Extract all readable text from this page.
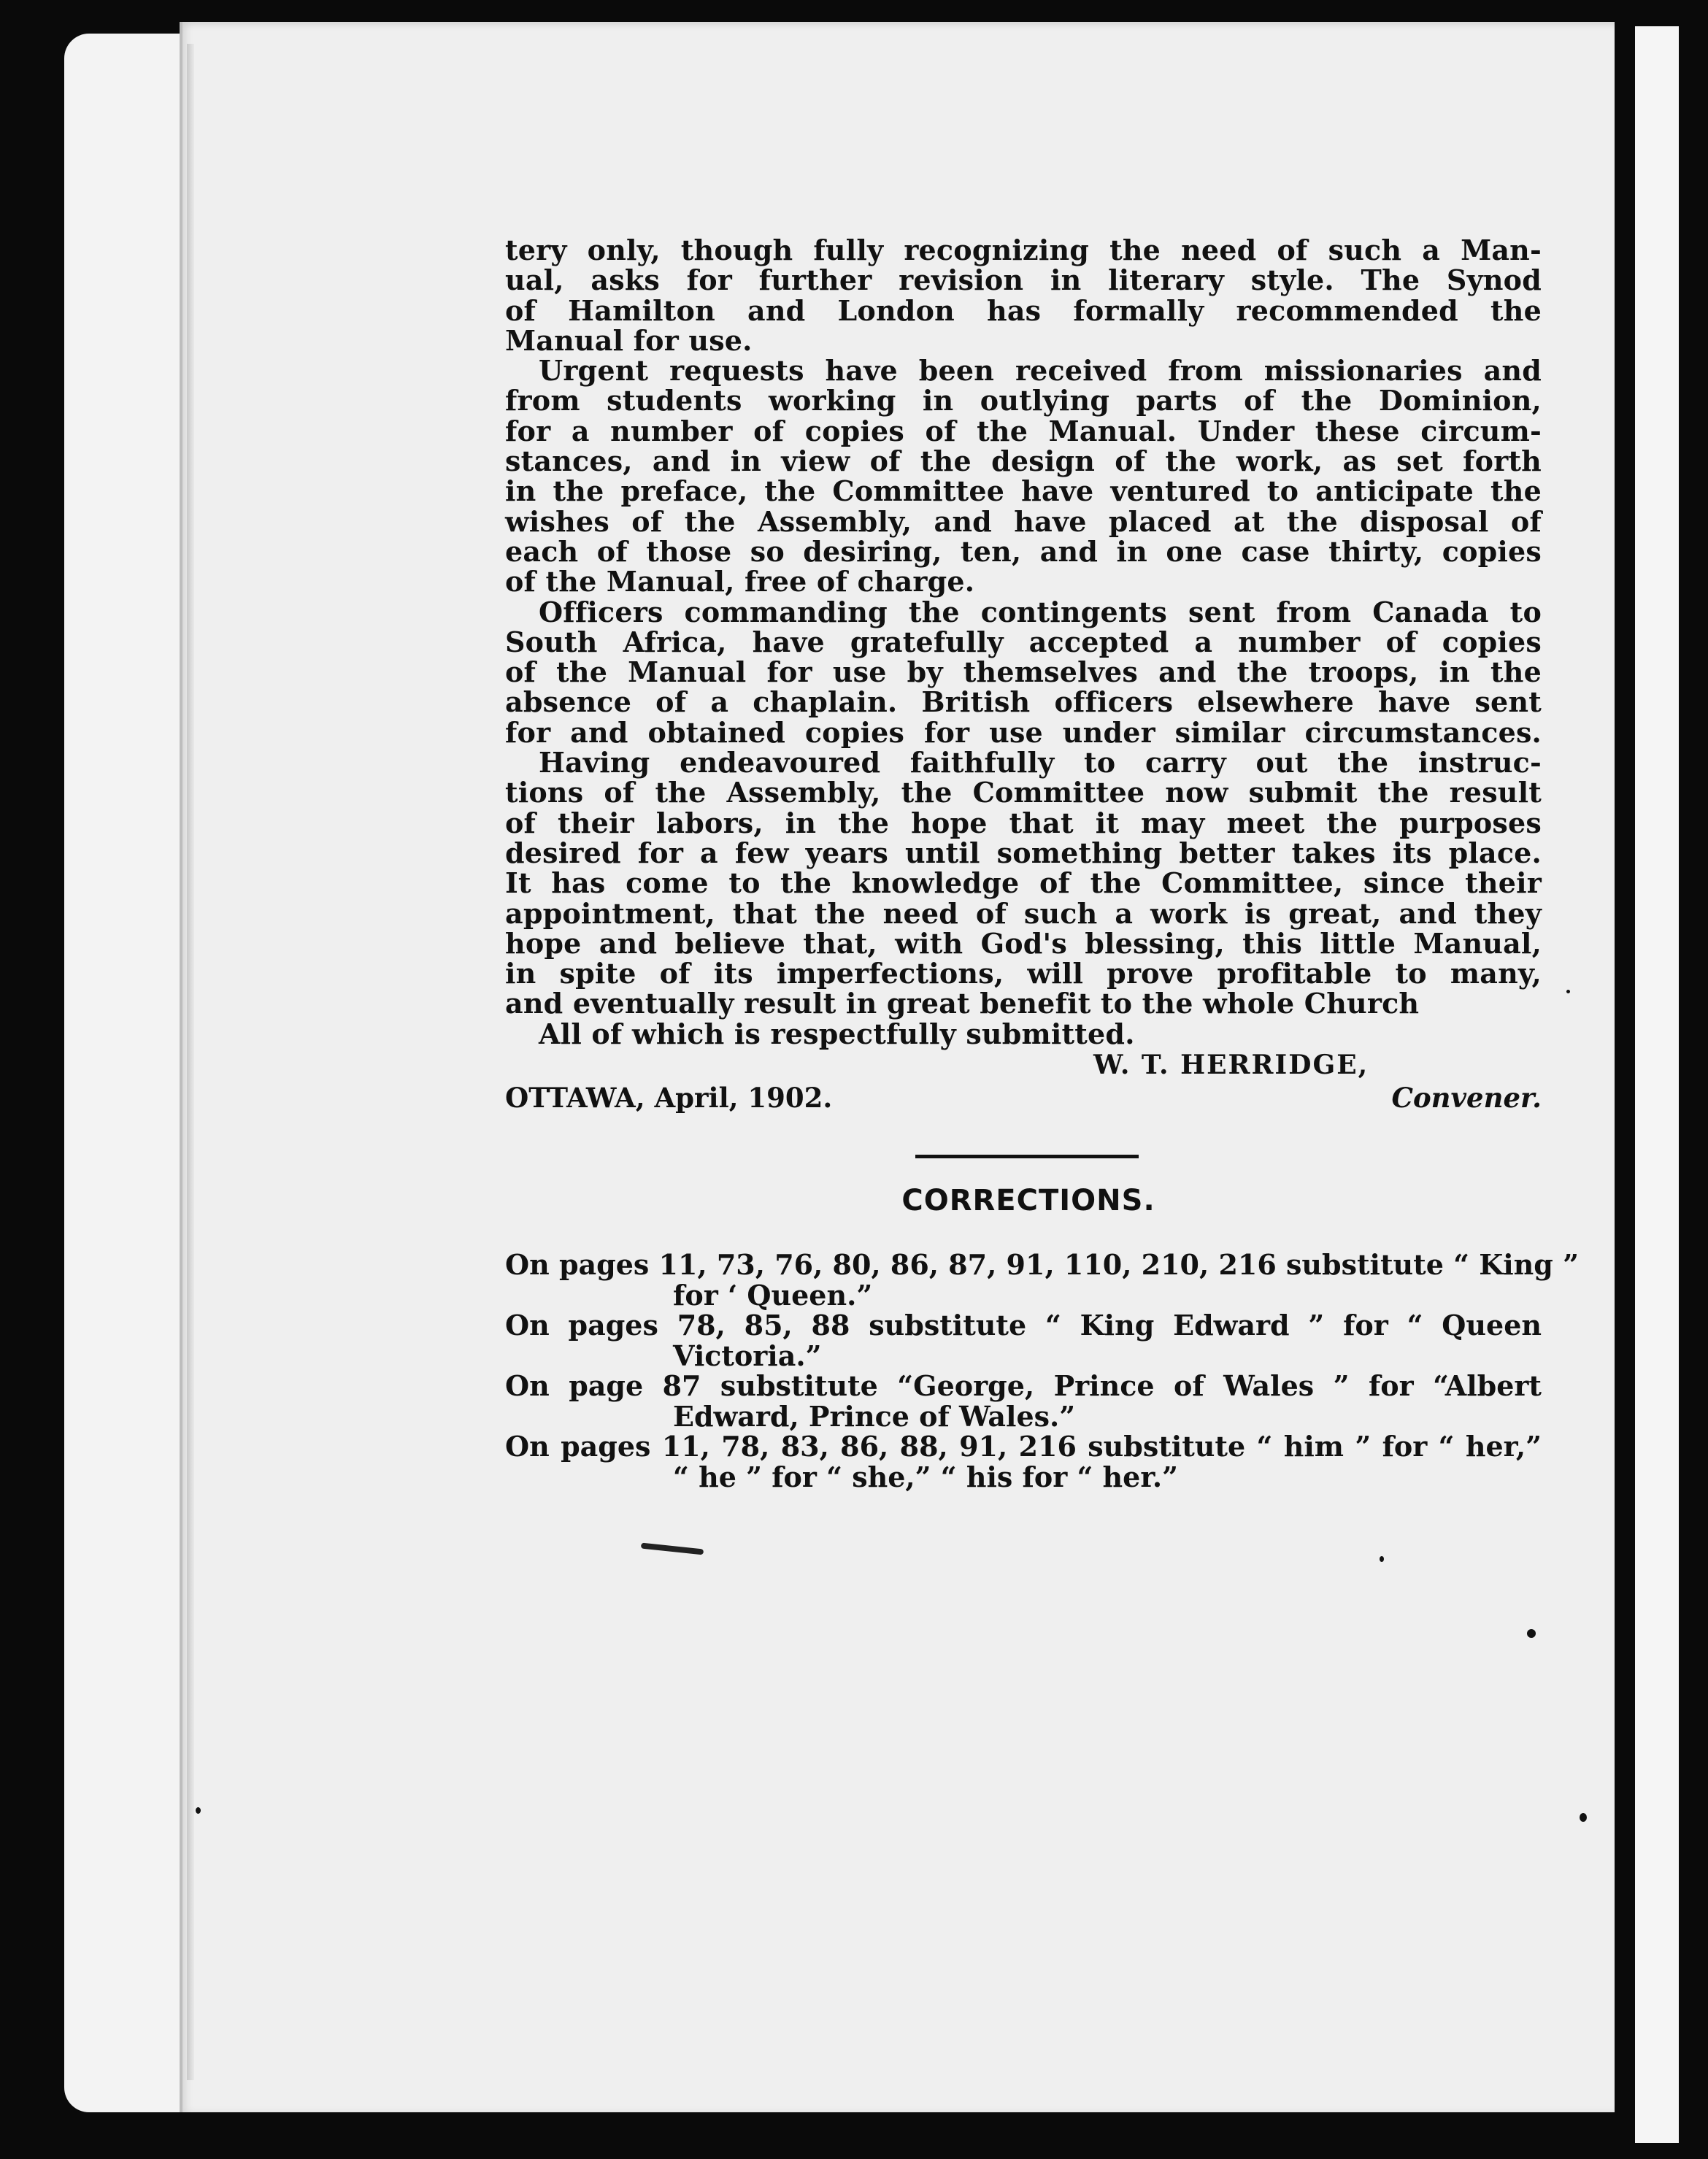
tery only, though fully recognizing the need of such a Man-
ual, asks for further revision in literary style. The Synod
of Hamilton and London has formally recommended the
Manual for use.
Urgent requests have been received from missionaries and
from students working in outlying parts of the Dominion,
for a number of copies of the Manual. Under these circum-
stances, and in view of the design of the work, as set forth
in the preface, the Committee have ventured to anticipate the
wishes of the Assembly, and have placed at the disposal of
each of those so desiring, ten, and in one case thirty, copies
of the Manual, free of charge.
Officers commanding the contingents sent from Canada to
South Africa, have gratefully accepted a number of copies
of the Manual for use by themselves and the troops, in the
absence of a chaplain. British officers elsewhere have sent
for and obtained copies for use under similar circumstances.
Having endeavoured faithfully to carry out the instruc-
tions of the Assembly, the Committee now submit the result
of their labors, in the hope that it may meet the purposes
desired for a few years until something better takes its place.
It has come to the knowledge of the Committee, since their
appointment, that the need of such a work is great, and they
hope and believe that, with God's blessing, this little Manual,
in spite of its imperfections, will prove profitable to many,
and eventually result in great benefit to the whole Church
All of which is respectfully submitted.
W. T. HERRIDGE,
OTTAWA, April, 1902.	Convener.
CORRECTIONS.
On pages 11, 73, 76, 80, 86, 87, 91, 110, 210, 216 substitute “ King ”
for ‘ Queen.”
On pages 78, 85, 88 substitute “ King Edward ” for “ Queen
Victoria.”
On page 87 substitute “George, Prince of Wales ” for “Albert
Edward, Prince of Wales.”
On pages 11, 78, 83, 86, 88, 91, 216 substitute “ him ” for “ her,”
“ he ” for “ she,” “ his for “ her.”
